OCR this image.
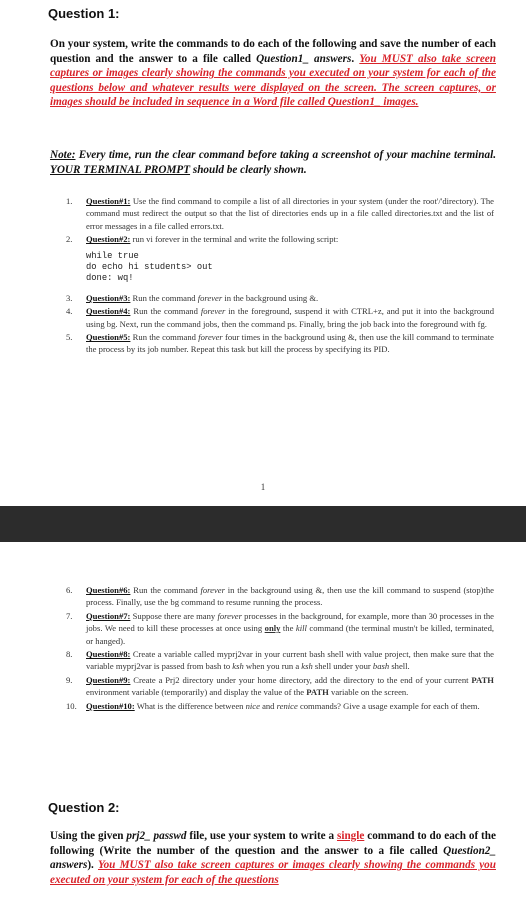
Question 1:
On your system, write the commands to do each of the following and save the number of each question and the answer to a file called Question1_ answers. You MUST also take screen captures or images clearly showing the commands you executed on your system for each of the questions below and whatever results were displayed on the screen. The screen captures, or images should be included in sequence in a Word file called Question1_ images.
Note: Every time, run the clear command before taking a screenshot of your machine terminal. YOUR TERMINAL PROMPT should be clearly shown.
1. Question#1: Use the find command to compile a list of all directories in your system (under the root'/'directory). The command must redirect the output so that the list of directories ends up in a file called directories.txt and the list of error messages in a file called errors.txt.
2. Question#2: run vi forever in the terminal and write the following script:
while true
do echo hi students> out
done: wq!
3. Question#3: Run the command forever in the background using &.
4. Question#4: Run the command forever in the foreground, suspend it with CTRL+z, and put it into the background using bg. Next, run the command jobs, then the command ps. Finally, bring the job back into the foreground with fg.
5. Question#5: Run the command forever four times in the background using &, then use the kill command to terminate the process by its job number. Repeat this task but kill the process by specifying its PID.
1
6. Question#6: Run the command forever in the background using &, then use the kill command to suspend (stop)the process. Finally, use the bg command to resume running the process.
7. Question#7: Suppose there are many forever processes in the background, for example, more than 30 processes in the jobs. We need to kill these processes at once using only the kill command (the terminal mustn't be killed, terminated, or hanged).
8. Question#8: Create a variable called myprj2var in your current bash shell with value project, then make sure that the variable myprj2var is passed from bash to ksh when you run a ksh shell under your bash shell.
9. Question#9: Create a Prj2 directory under your home directory, add the directory to the end of your current PATH environment variable (temporarily) and display the value of the PATH variable on the screen.
10. Question#10: What is the difference between nice and renice commands? Give a usage example for each of them.
Question 2:
Using the given prj2_ passwd file, use your system to write a single command to do each of the following (Write the number of the question and the answer to a file called Question2_ answers). You MUST also take screen captures or images clearly showing the commands you executed on your system for each of the questions
